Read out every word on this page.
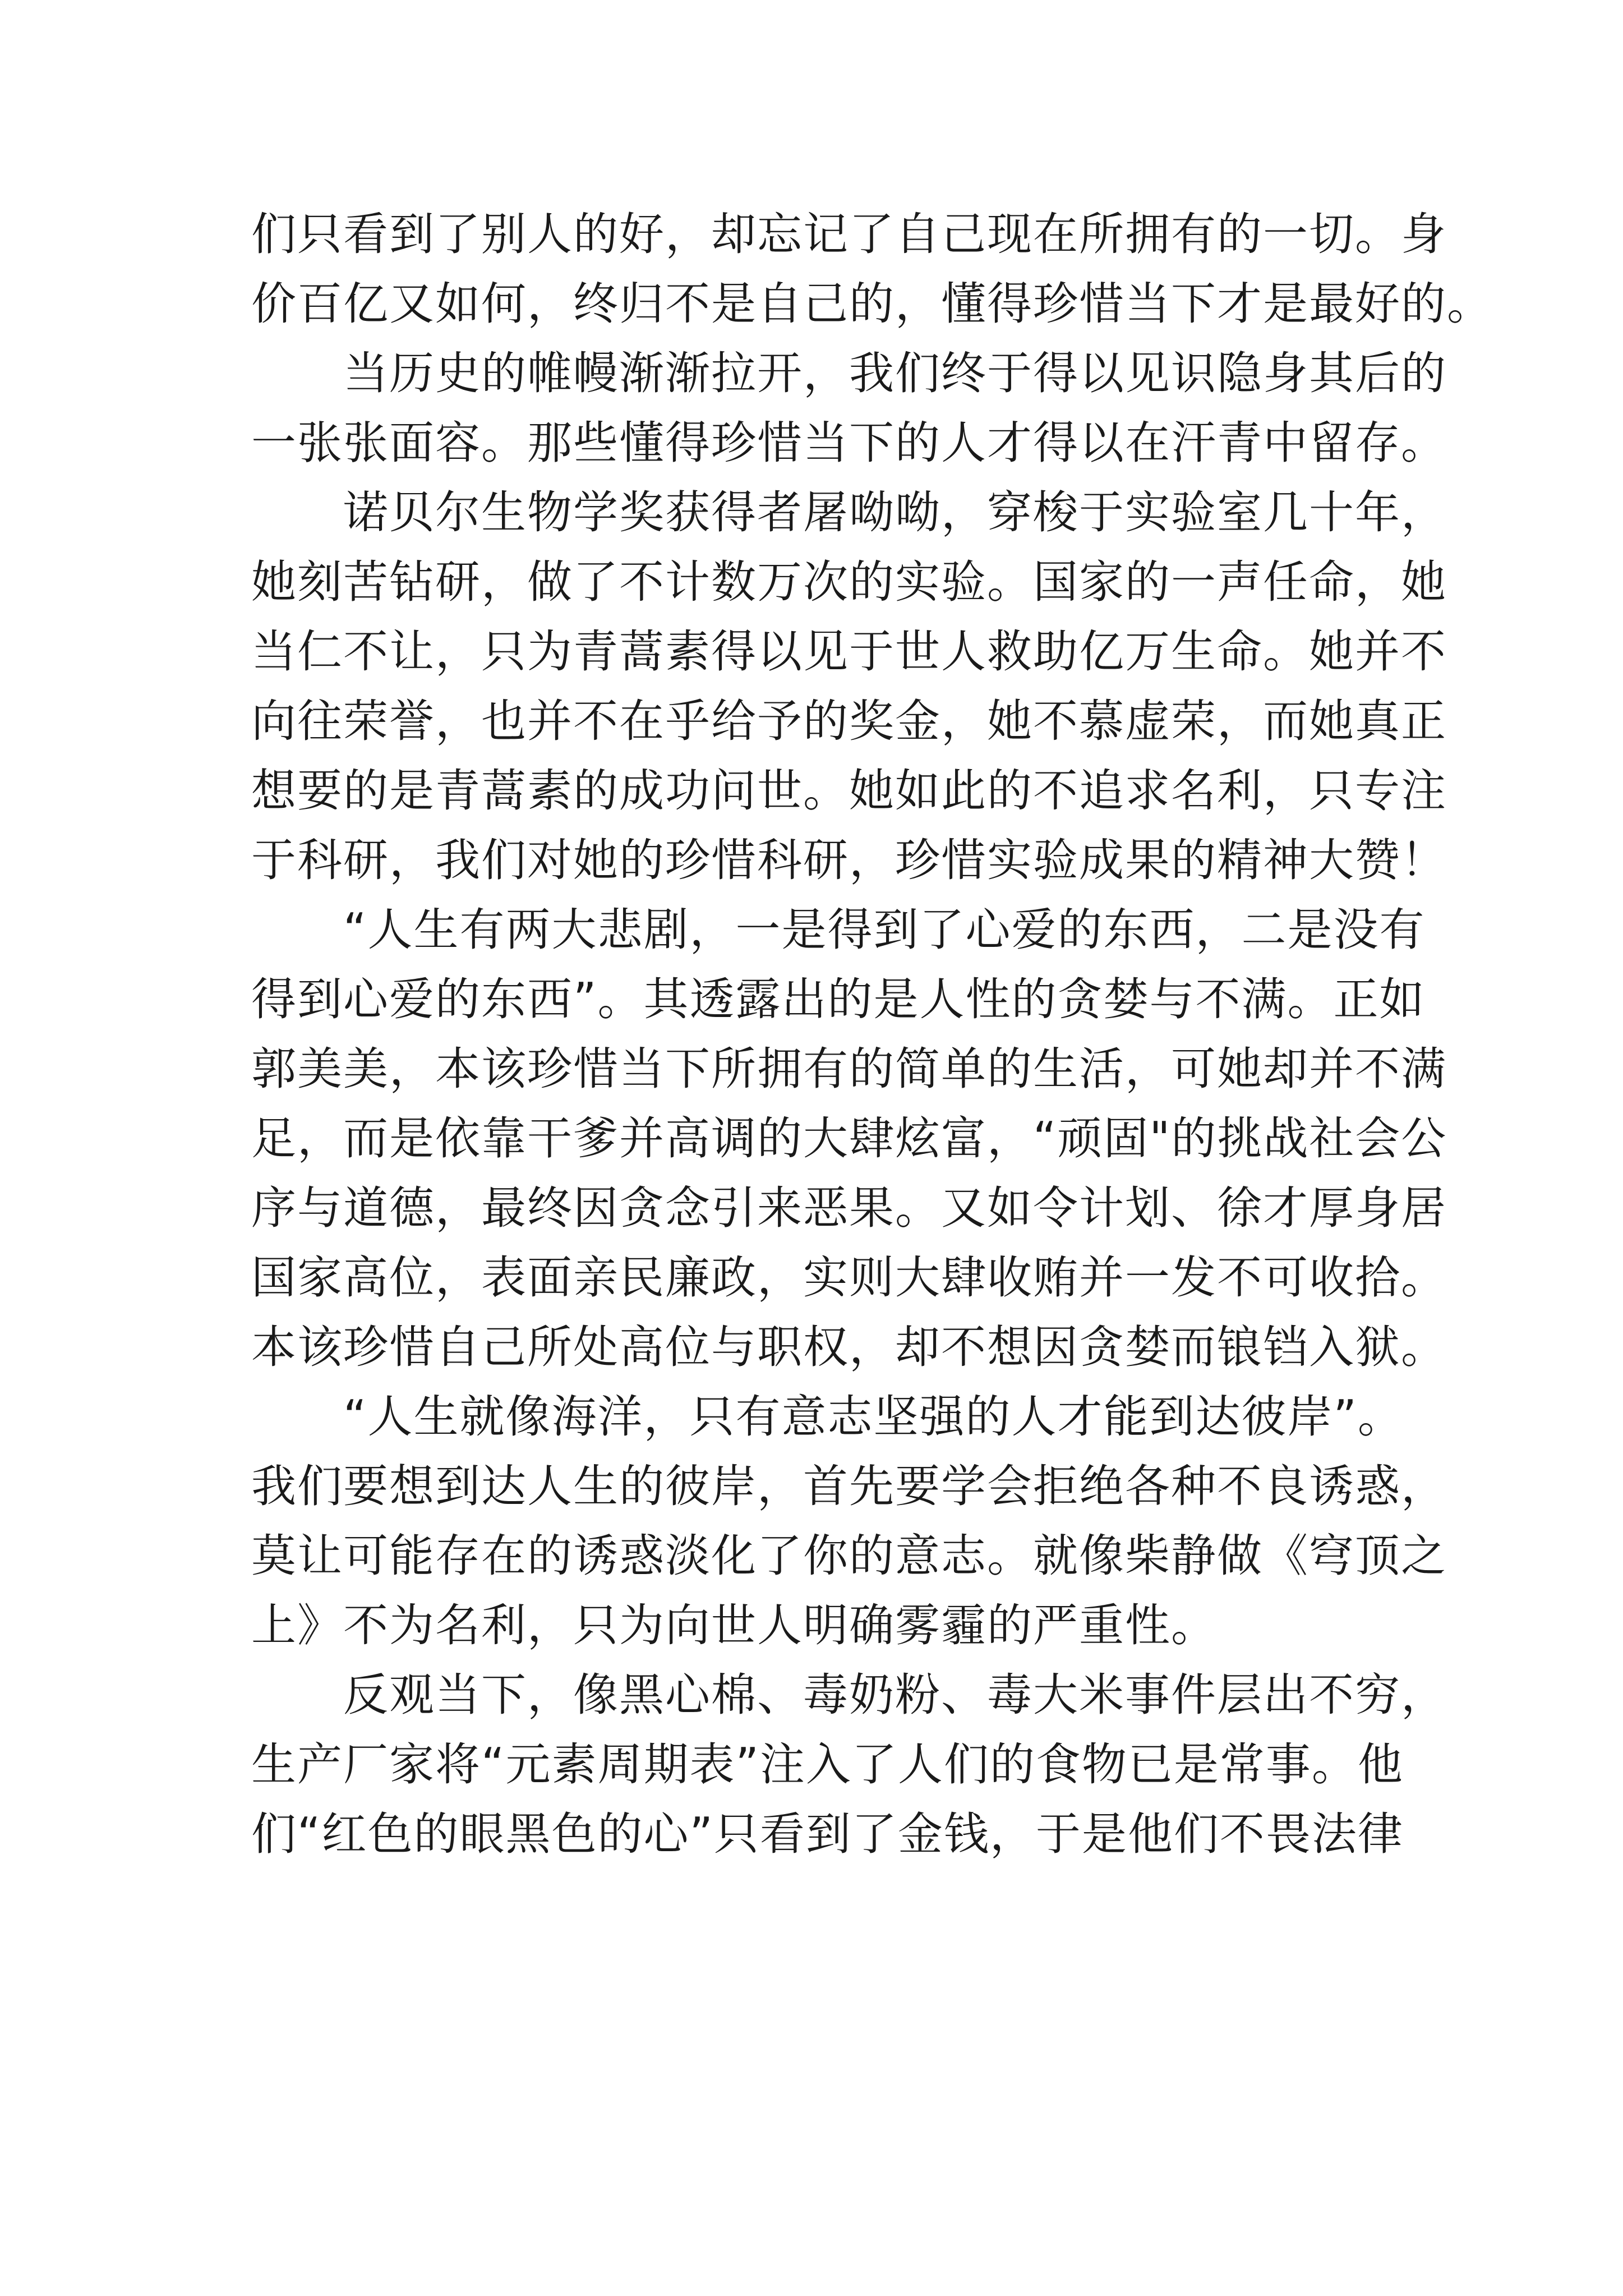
们只看到了别人的好，却忘记了自己现在所拥有的一切。身
价百亿又如何，终归不是自己的，懂得珍惜当下才是最好的。
当历史的帷幔渐渐拉开，我们终于得以见识隐身其后的
一张张面容。那些懂得珍惜当下的人才得以在汗青中留存。
诺贝尔生物学奖获得者屠呦呦，穿梭于实验室几十年，
她刻苦钻研，做了不计数万次的实验。国家的一声任命，她
当仁不让，只为青蒿素得以见于世人救助亿万生命。她并不
向往荣誉，也并不在乎给予的奖金，她不慕虚荣，而她真正
想要的是青蒿素的成功问世。她如此的不追求名利，只专注
于科研，我们对她的珍惜科研，珍惜实验成果的精神大赞！
“人生有两大悲剧，一是得到了心爱的东西，二是没有
得到心爱的东西”。其透露出的是人性的贪婪与不满。正如
郭美美，本该珍惜当下所拥有的简单的生活，可她却并不满
足，而是依靠干爹并高调的大肆炫富，“顽固"的挑战社会公
序与道德，最终因贪念引来恶果。又如令计划、徐才厚身居
国家高位，表面亲民廉政，实则大肆收贿并一发不可收拾。
本该珍惜自己所处高位与职权，却不想因贪婪而锒铛入狱。
“人生就像海洋，只有意志坚强的人才能到达彼岸”。
我们要想到达人生的彼岸，首先要学会拒绝各种不良诱惑，
莫让可能存在的诱惑淡化了你的意志。就像柴静做《穹顶之
上》不为名利，只为向世人明确雾霾的严重性。
反观当下，像黑心棉、毒奶粉、毒大米事件层出不穷，
生产厂家将“元素周期表”注入了人们的食物已是常事。他
们“红色的眼黑色的心”只看到了金钱，于是他们不畏法律
